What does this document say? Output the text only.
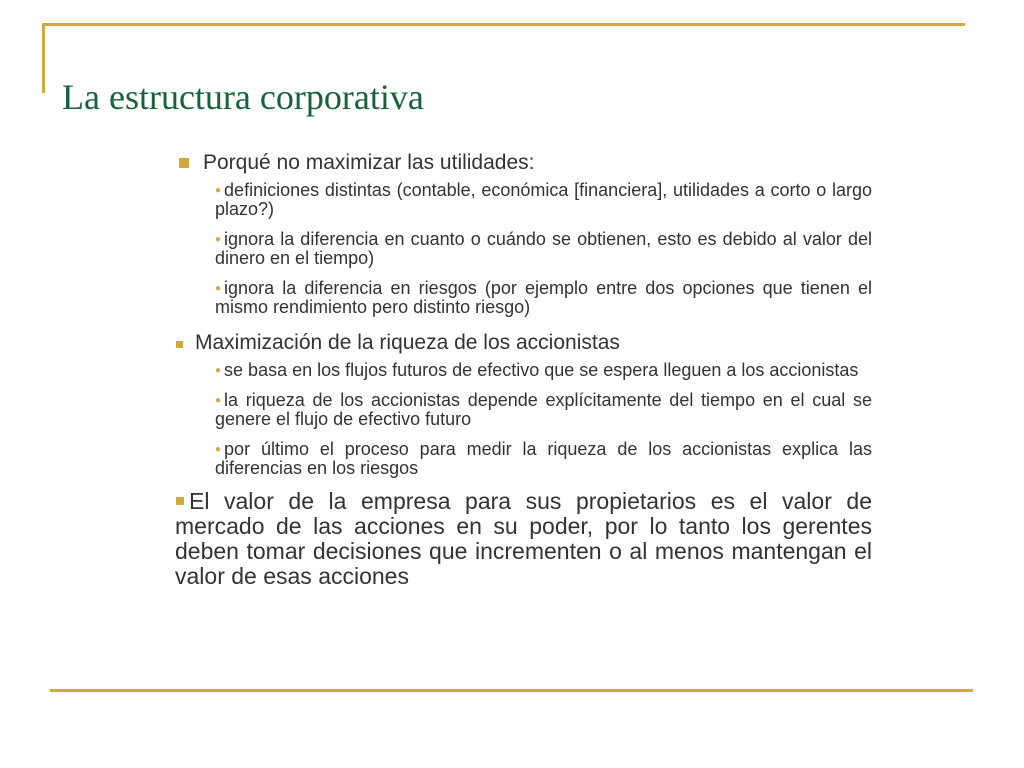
La estructura corporativa
Porqué no maximizar las utilidades:
● definiciones distintas (contable, económica [financiera], utilidades a corto o largo plazo?)
● ignora la diferencia en cuanto o cuándo se obtienen, esto es debido al valor del dinero en el tiempo)
● ignora la diferencia en riesgos (por ejemplo entre dos opciones que tienen el mismo rendimiento pero distinto riesgo)
Maximización de la riqueza de los accionistas
● se basa en los flujos futuros de efectivo que se espera lleguen a los accionistas
● la riqueza de los accionistas depende explícitamente del tiempo en el cual se genere el flujo de efectivo futuro
● por último el proceso para medir la riqueza de los accionistas explica las diferencias en los riesgos
El valor de la empresa para sus propietarios es el valor de mercado de las acciones en su poder, por lo tanto los gerentes deben tomar decisiones que incrementen o al menos mantengan el valor de esas acciones
